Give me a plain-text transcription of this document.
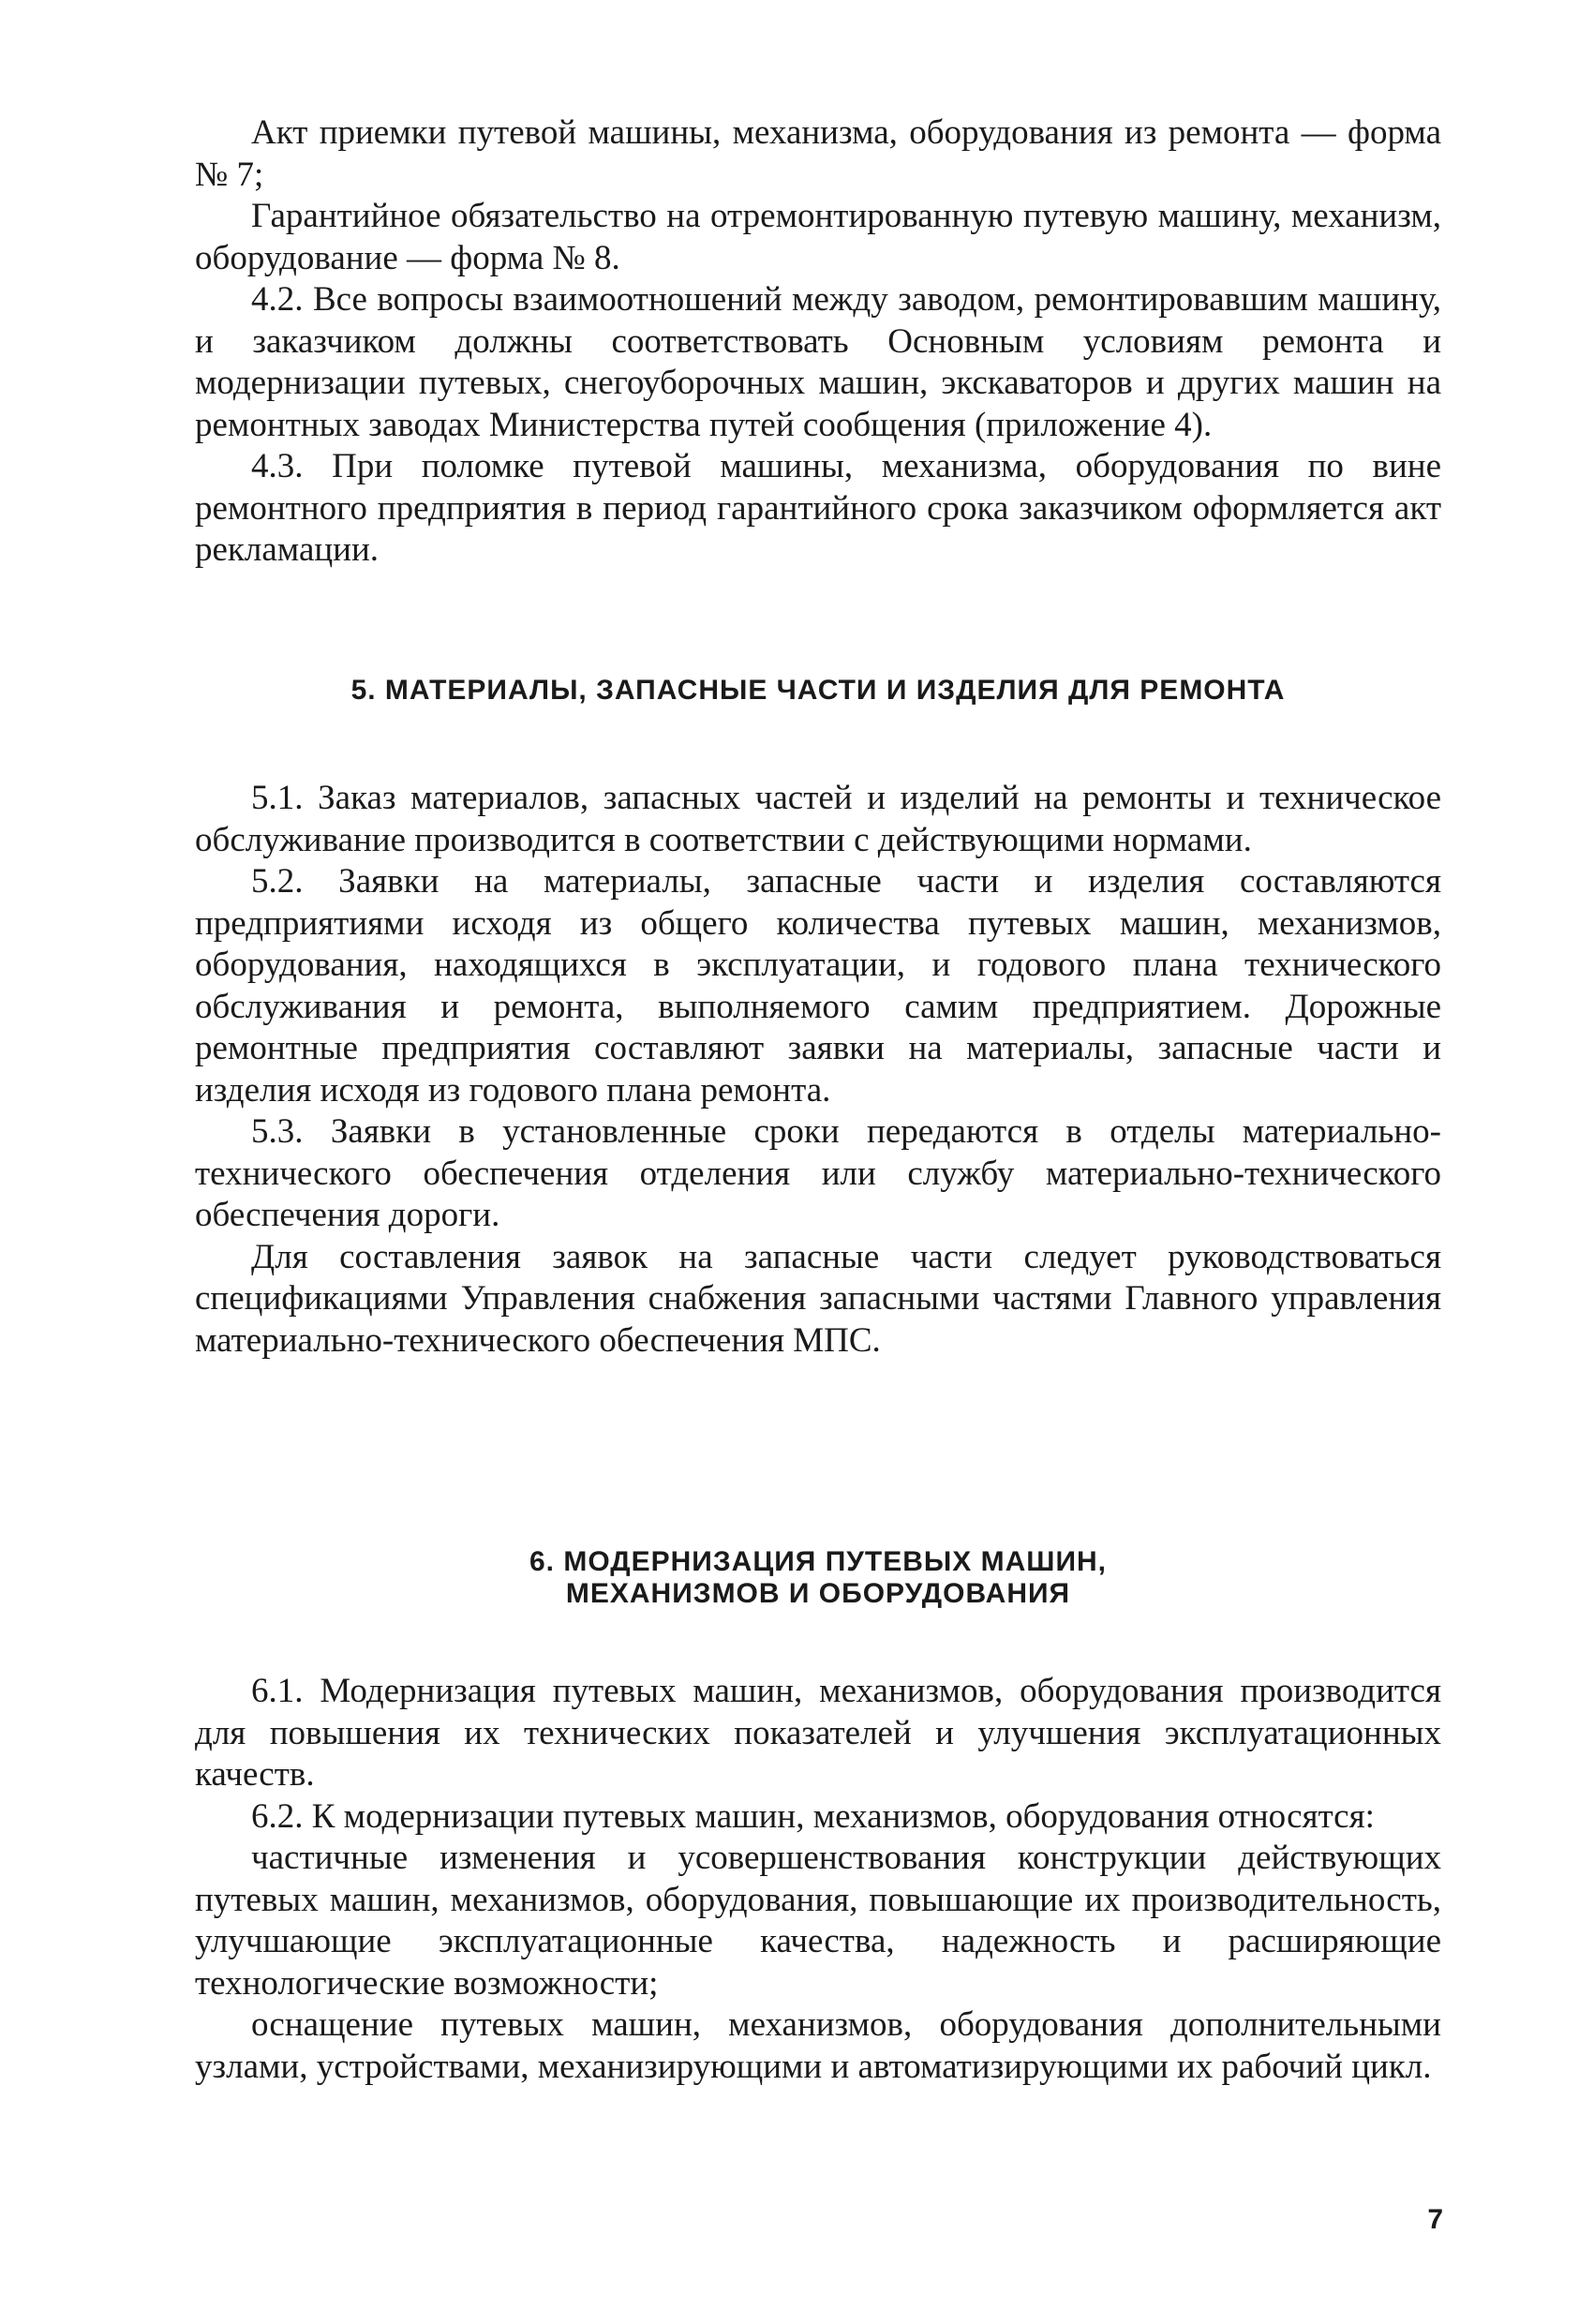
Акт приемки путевой машины, механизма, оборудования из ремонта — форма № 7;

Гарантийное обязательство на отремонтированную путевую машину, механизм, оборудование — форма № 8.

4.2. Все вопросы взаимоотношений между заводом, ремонтировавшим машину, и заказчиком должны соответствовать Основным условиям ремонта и модернизации путевых, снегоуборочных машин, экскаваторов и других машин на ремонтных заводах Министерства путей сообщения (приложение 4).

4.3. При поломке путевой машины, механизма, оборудования по вине ремонтного предприятия в период гарантийного срока заказчиком оформляется акт рекламации.

5. МАТЕРИАЛЫ, ЗАПАСНЫЕ ЧАСТИ И ИЗДЕЛИЯ ДЛЯ РЕМОНТА

5.1. Заказ материалов, запасных частей и изделий на ремонты и техническое обслуживание производится в соответствии с действующими нормами.

5.2. Заявки на материалы, запасные части и изделия составляются предприятиями исходя из общего количества путевых машин, механизмов, оборудования, находящихся в эксплуатации, и годового плана технического обслуживания и ремонта, выполняемого самим предприятием. Дорожные ремонтные предприятия составляют заявки на материалы, запасные части и изделия исходя из годового плана ремонта.

5.3. Заявки в установленные сроки передаются в отделы материально-технического обеспечения отделения или службу материально-технического обеспечения дороги.

Для составления заявок на запасные части следует руководствоваться спецификациями Управления снабжения запасными частями Главного управления материально-технического обеспечения МПС.

6. МОДЕРНИЗАЦИЯ ПУТЕВЫХ МАШИН,
МЕХАНИЗМОВ И ОБОРУДОВАНИЯ

6.1. Модернизация путевых машин, механизмов, оборудования производится для повышения их технических показателей и улучшения эксплуатационных качеств.

6.2. К модернизации путевых машин, механизмов, оборудования относятся:

частичные изменения и усовершенствования конструкции действующих путевых машин, механизмов, оборудования, повышающие их производительность, улучшающие эксплуатационные качества, надежность и расширяющие технологические возможности;

оснащение путевых машин, механизмов, оборудования дополнительными узлами, устройствами, механизирующими и автоматизирующими их рабочий цикл.

7
